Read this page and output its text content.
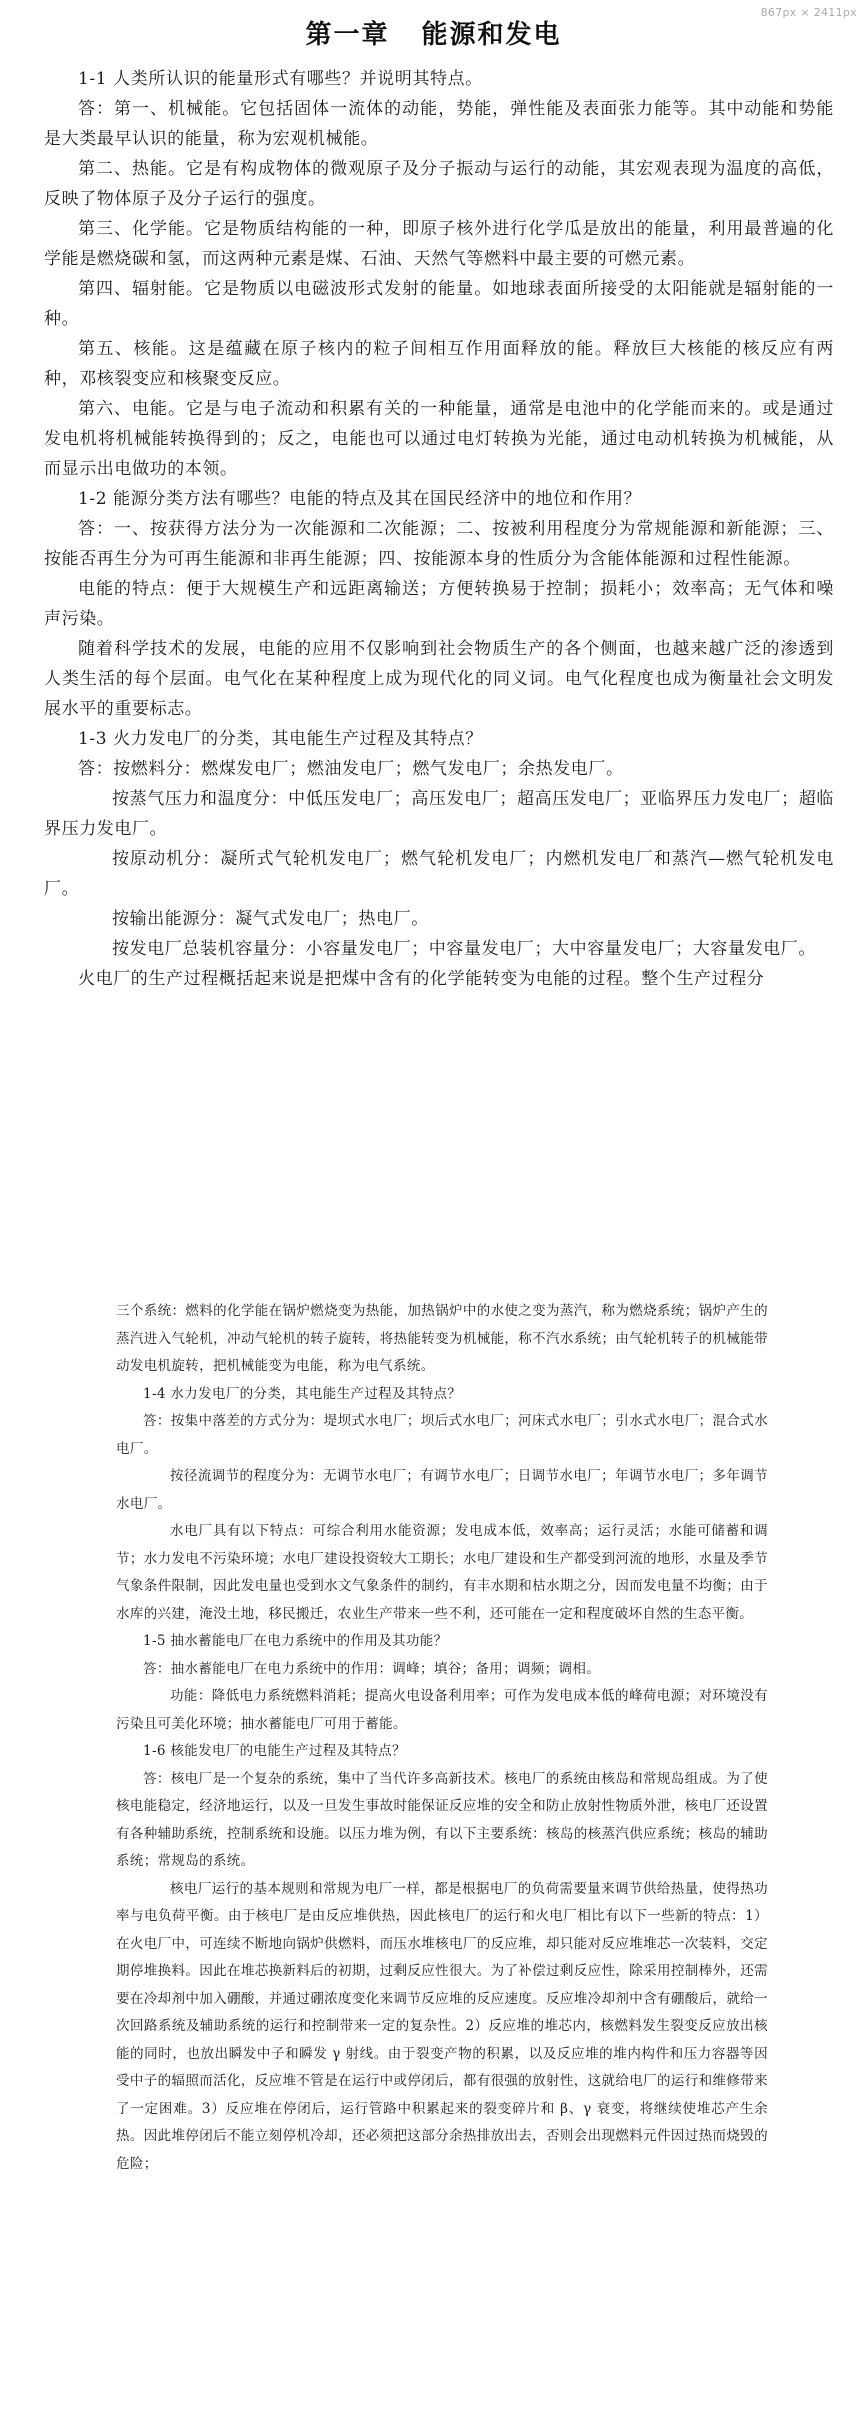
867px × 2411px
第一章 能源和发电

1-1 人类所认识的能量形式有哪些？并说明其特点。

答：第一、机械能。它包括固体一流体的动能，势能，弹性能及表面张力能等。其中动能和势能是大类最早认识的能量，称为宏观机械能。

第二、热能。它是有构成物体的微观原子及分子振动与运行的动能，其宏观表现为温度的高低，反映了物体原子及分子运行的强度。

第三、化学能。它是物质结构能的一种，即原子核外进行化学瓜是放出的能量，利用最普遍的化学能是燃烧碳和氢，而这两种元素是煤、石油、天然气等燃料中最主要的可燃元素。

第四、辐射能。它是物质以电磁波形式发射的能量。如地球表面所接受的太阳能就是辐射能的一种。

第五、核能。这是蕴藏在原子核内的粒子间相互作用面释放的能。释放巨大核能的核反应有两种，邓核裂变应和核聚变反应。

第六、电能。它是与电子流动和积累有关的一种能量，通常是电池中的化学能而来的。或是通过发电机将机械能转换得到的；反之，电能也可以通过电灯转换为光能，通过电动机转换为机械能，从而显示出电做功的本领。

1-2 能源分类方法有哪些？电能的特点及其在国民经济中的地位和作用？

答：一、按获得方法分为一次能源和二次能源；二、按被利用程度分为常规能源和新能源；三、按能否再生分为可再生能源和非再生能源；四、按能源本身的性质分为含能体能源和过程性能源。

电能的特点：便于大规模生产和远距离输送；方便转换易于控制；损耗小；效率高；无气体和噪声污染。

随着科学技术的发展，电能的应用不仅影响到社会物质生产的各个侧面，也越来越广泛的渗透到人类生活的每个层面。电气化在某种程度上成为现代化的同义词。电气化程度也成为衡量社会文明发展水平的重要标志。

1-3 火力发电厂的分类，其电能生产过程及其特点？

答：按燃料分：燃煤发电厂；燃油发电厂；燃气发电厂；余热发电厂。

按蒸气压力和温度分：中低压发电厂；高压发电厂；超高压发电厂；亚临界压力发电厂；超临界压力发电厂。

按原动机分：凝所式气轮机发电厂；燃气轮机发电厂；内燃机发电厂和蒸汽—燃气轮机发电厂。

按输出能源分：凝气式发电厂；热电厂。

按发电厂总装机容量分：小容量发电厂；中容量发电厂；大中容量发电厂；大容量发电厂。

火电厂的生产过程概括起来说是把煤中含有的化学能转变为电能的过程。整个生产过程分

三个系统：燃料的化学能在锅炉燃烧变为热能，加热锅炉中的水使之变为蒸汽，称为燃烧系统；锅炉产生的蒸汽进入气轮机，冲动气轮机的转子旋转，将热能转变为机械能，称不汽水系统；由气轮机转子的机械能带动发电机旋转，把机械能变为电能，称为电气系统。

1-4 水力发电厂的分类，其电能生产过程及其特点？

答：按集中落差的方式分为：堤坝式水电厂；坝后式水电厂；河床式水电厂；引水式水电厂；混合式水电厂。

按径流调节的程度分为：无调节水电厂；有调节水电厂；日调节水电厂；年调节水电厂；多年调节水电厂。

水电厂具有以下特点：可综合利用水能资源；发电成本低，效率高；运行灵活；水能可储蓄和调节；水力发电不污染环境；水电厂建设投资较大工期长；水电厂建设和生产都受到河流的地形，水量及季节气象条件限制，因此发电量也受到水文气象条件的制约，有丰水期和枯水期之分，因而发电量不均衡；由于水库的兴建，淹没土地，移民搬迁，农业生产带来一些不利，还可能在一定和程度破坏自然的生态平衡。

1-5 抽水蓄能电厂在电力系统中的作用及其功能？

答：抽水蓄能电厂在电力系统中的作用：调峰；填谷；备用；调频；调相。

功能：降低电力系统燃料消耗；提高火电设备利用率；可作为发电成本低的峰荷电源；对环境没有污染且可美化环境；抽水蓄能电厂可用于蓄能。

1-6 核能发电厂的电能生产过程及其特点？

答：核电厂是一个复杂的系统，集中了当代许多高新技术。核电厂的系统由核岛和常规岛组成。为了使核电能稳定，经济地运行，以及一旦发生事故时能保证反应堆的安全和防止放射性物质外泄，核电厂还设置有各种辅助系统，控制系统和设施。以压力堆为例，有以下主要系统：核岛的核蒸汽供应系统；核岛的辅助系统；常规岛的系统。

核电厂运行的基本规则和常规为电厂一样，都是根据电厂的负荷需要量来调节供给热量，使得热功率与电负荷平衡。由于核电厂是由反应堆供热，因此核电厂的运行和火电厂相比有以下一些新的特点：1）在火电厂中，可连续不断地向锅炉供燃料，而压水堆核电厂的反应堆，却只能对反应堆堆芯一次装料，交定期停堆换料。因此在堆芯换新料后的初期，过剩反应性很大。为了补偿过剩反应性，除采用控制棒外，还需要在冷却剂中加入硼酸，并通过硼浓度变化来调节反应堆的反应速度。反应堆冷却剂中含有硼酸后，就给一次回路系统及辅助系统的运行和控制带来一定的复杂性。2）反应堆的堆芯内，核燃料发生裂变反应放出核能的同时，也放出瞬发中子和瞬发 γ 射线。由于裂变产物的积累，以及反应堆的堆内构件和压力容器等因受中子的辐照而活化，反应堆不管是在运行中或停闭后，都有很强的放射性，这就给电厂的运行和维修带来了一定困难。3）反应堆在停闭后，运行管路中积累起来的裂变碎片和 β、γ 衰变，将继续使堆芯产生余热。因此堆停闭后不能立刻停机冷却，还必须把这部分余热排放出去，否则会出现燃料元件因过热而烧毁的危险；
